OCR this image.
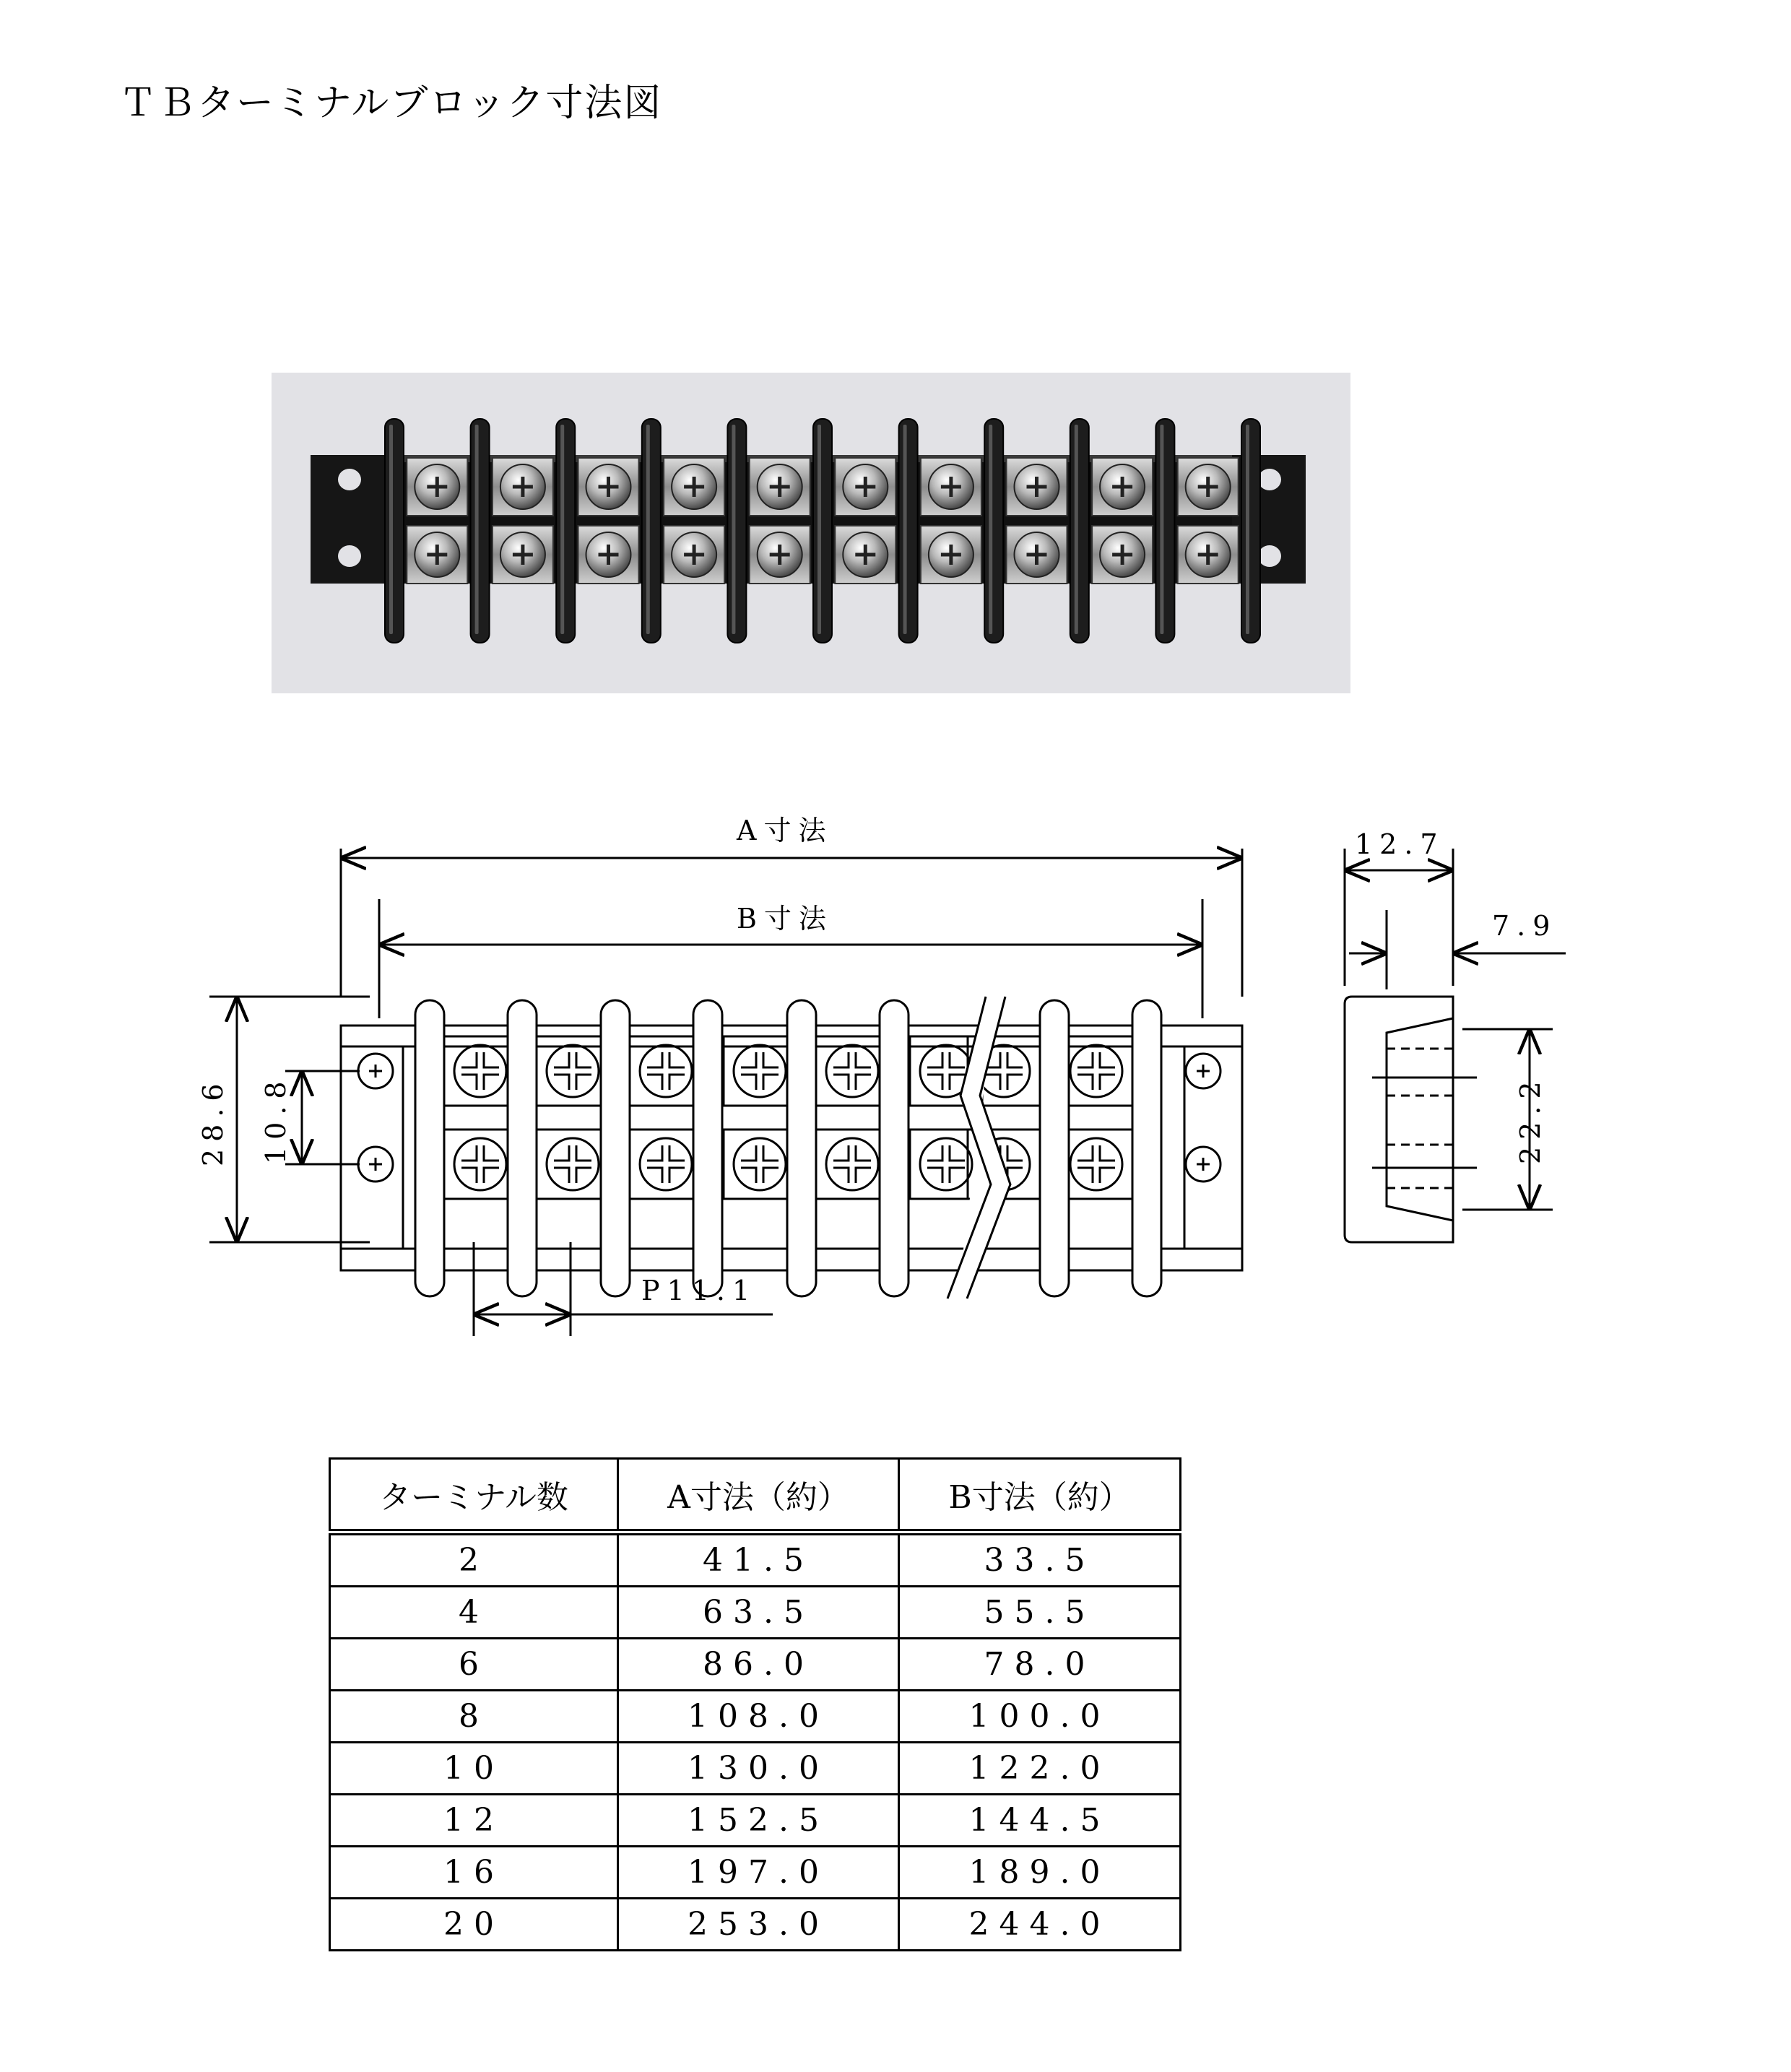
ＴＢターミナルブロック寸法図
A寸法
B寸法
28.6 10.8
P11.1
12.7
7.9
22.2
ターミナル数	A寸法（約）	B寸法（約）
2	41.5	33.5
4	63.5	55.5
6	86.0	78.0
8	108.0	100.0
10	130.0	122.0
12	152.5	144.5
16	197.0	189.0
20	253.0	244.0
